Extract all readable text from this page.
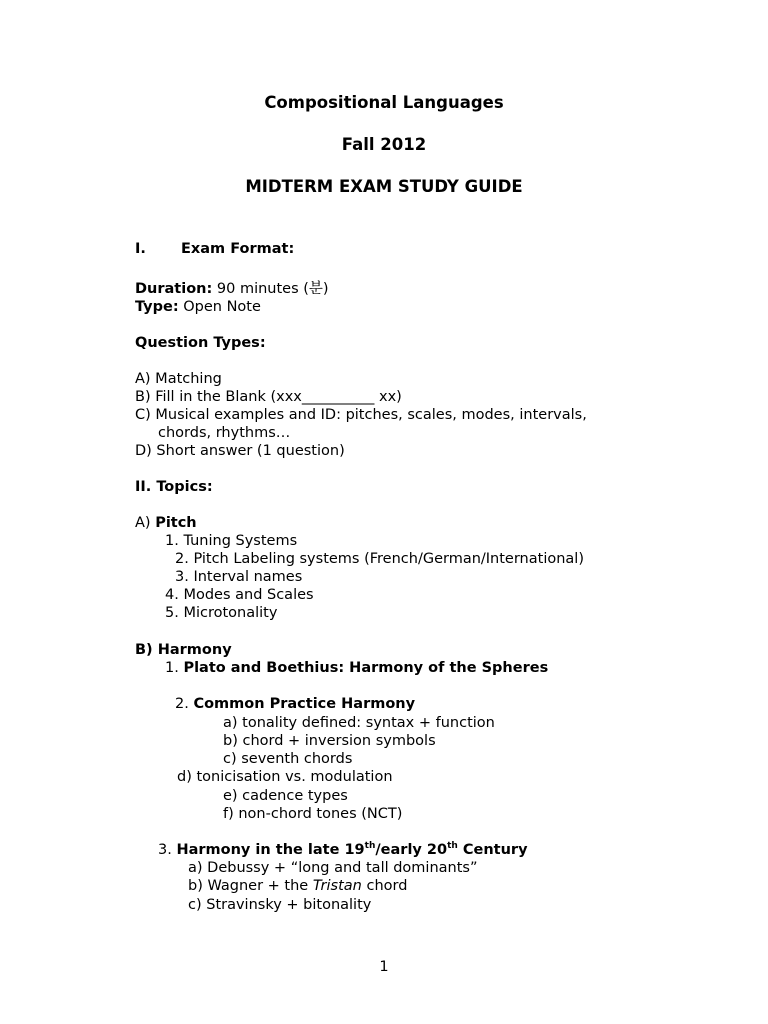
Compositional Languages
Fall 2012
MIDTERM EXAM STUDY GUIDE
I. Exam Format:
Duration: 90 minutes (분)
Type: Open Note
Question Types:
A) Matching
B) Fill in the Blank (xxx__________ xx)
C) Musical examples and ID: pitches, scales, modes, intervals,
chords, rhythms…
D) Short answer (1 question)
II. Topics:
A) Pitch
1. Tuning Systems
2. Pitch Labeling systems (French/German/International)
3. Interval names
4. Modes and Scales
5. Microtonality
B) Harmony
1. Plato and Boethius: Harmony of the Spheres
2. Common Practice Harmony
a) tonality defined: syntax + function
b) chord + inversion symbols
c) seventh chords
d) tonicisation vs. modulation
e) cadence types
f) non-chord tones (NCT)
3. Harmony in the late 19th/early 20th Century
a) Debussy + “long and tall dominants”
b) Wagner + the Tristan chord
c) Stravinsky + bitonality
1
